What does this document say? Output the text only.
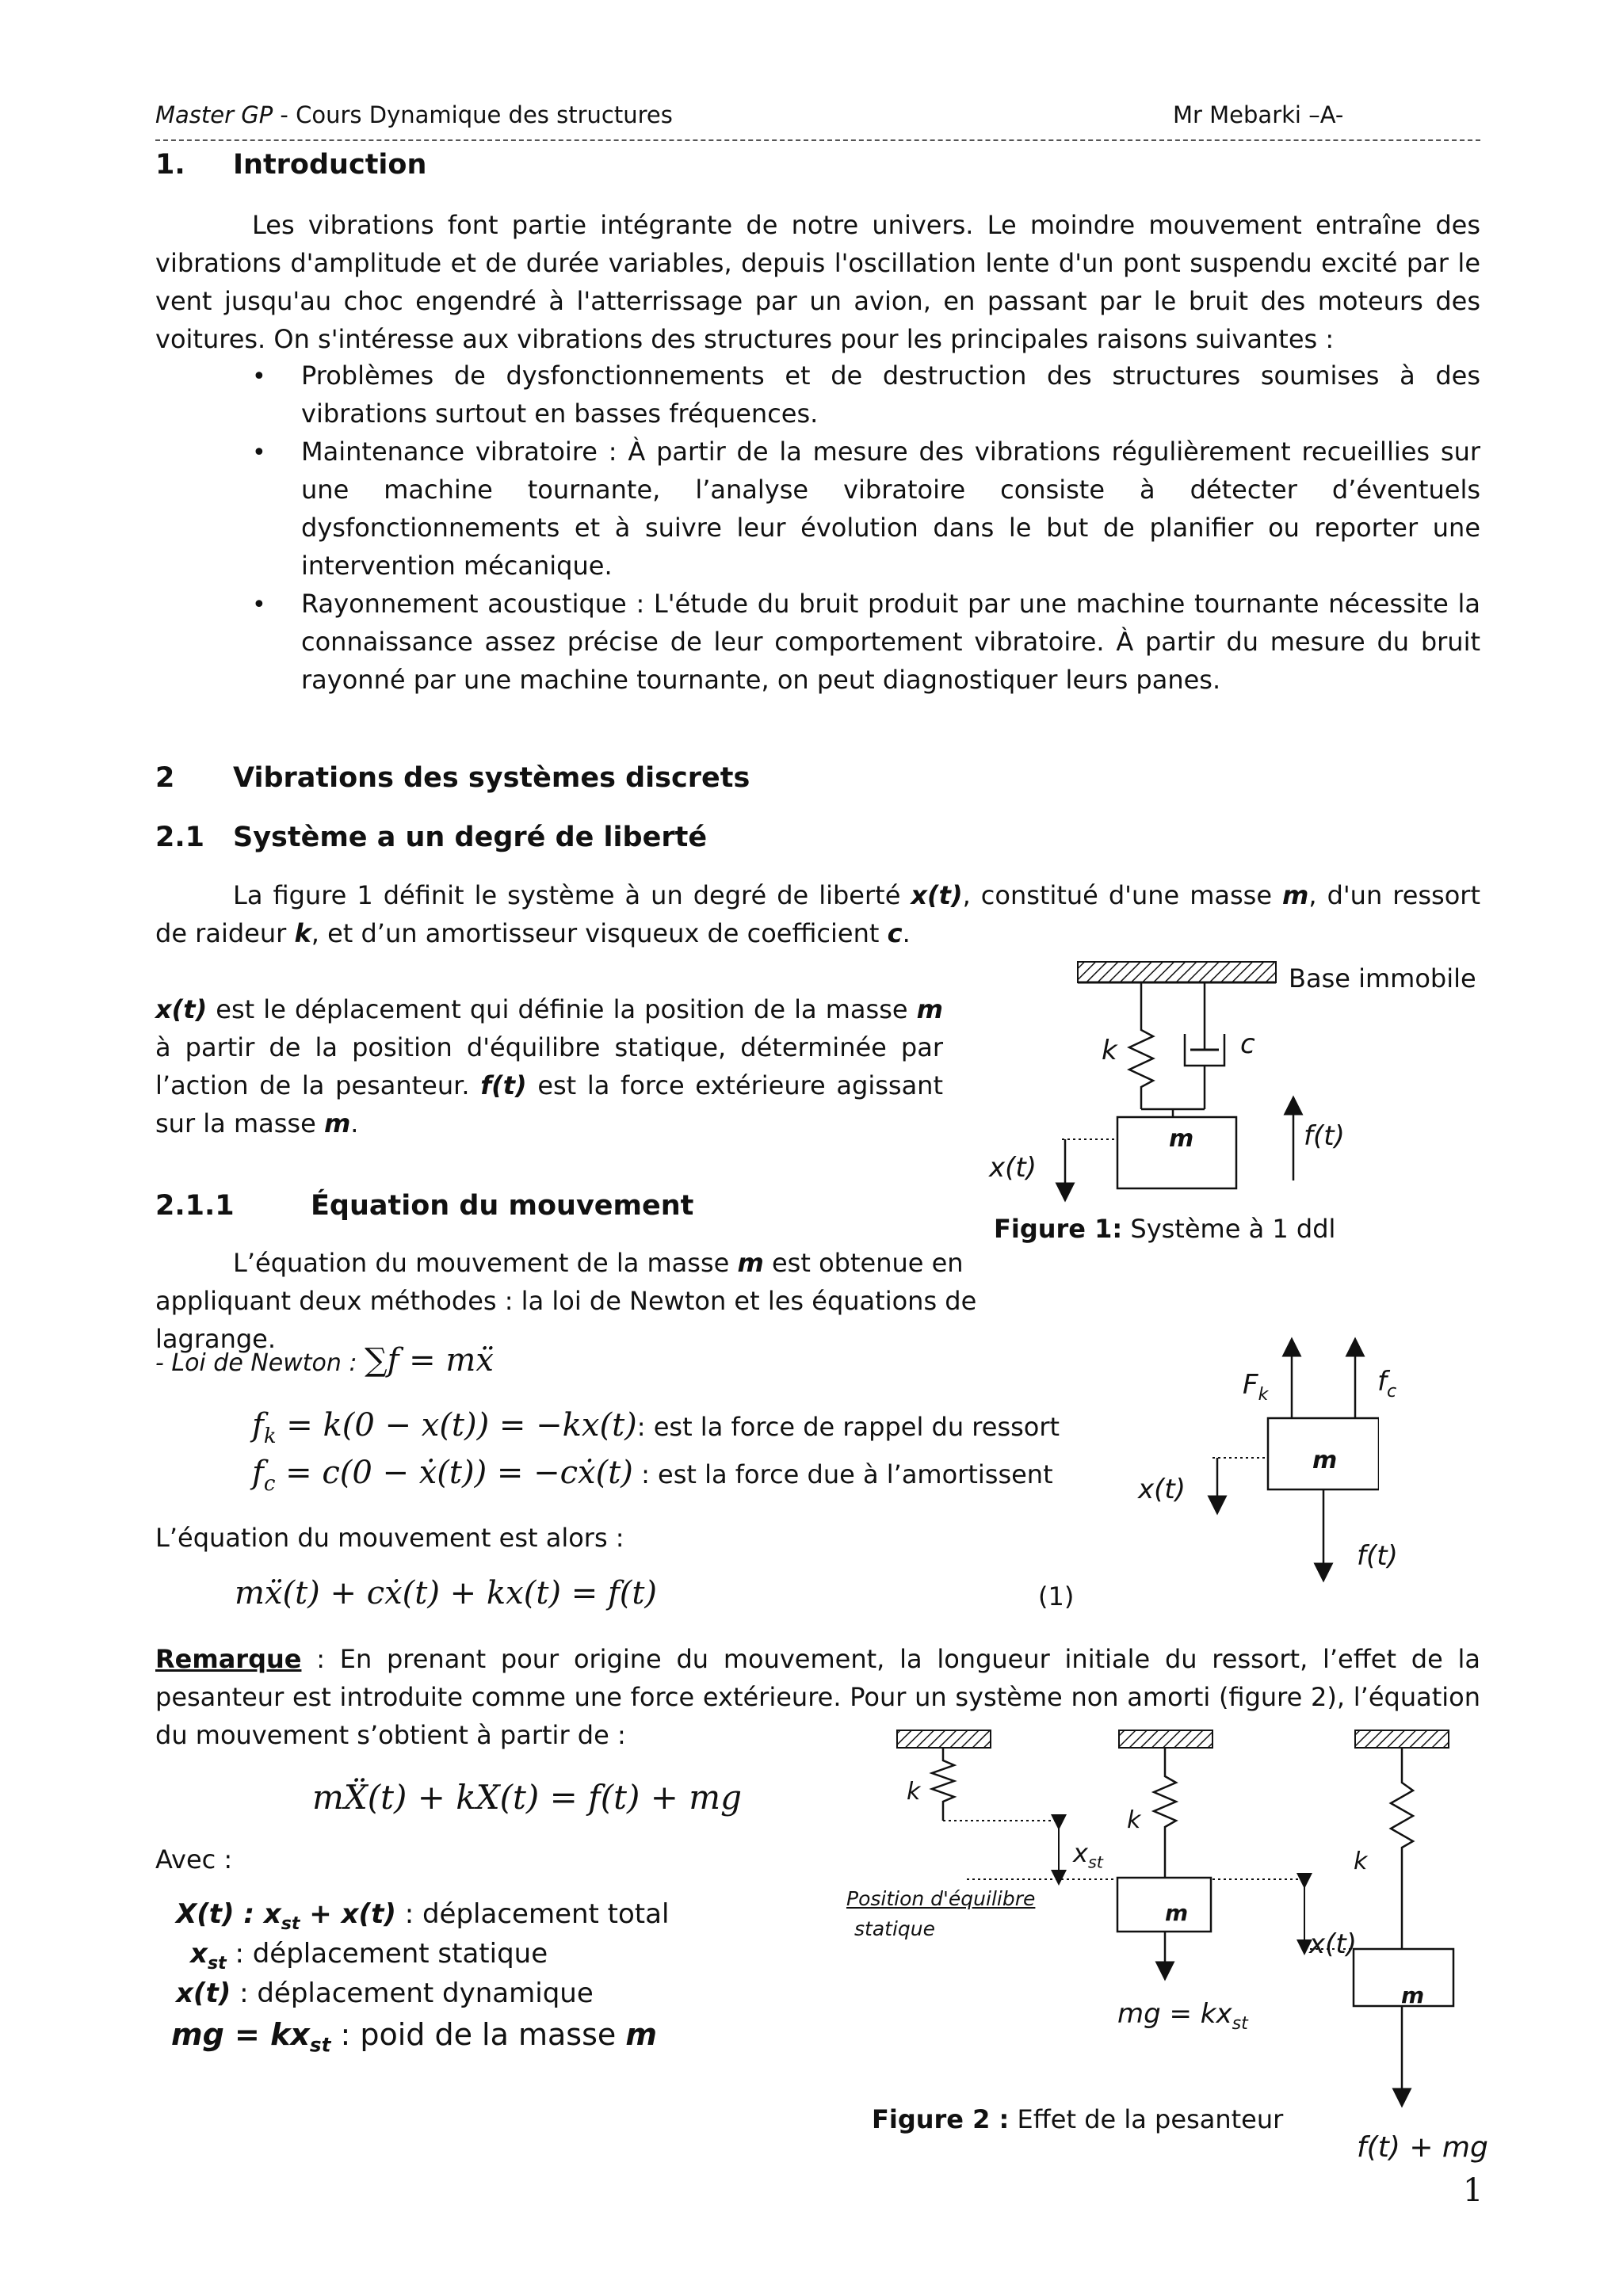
Master GP - Cours Dynamique des structures	Mr Mebarki –A-
1. Introduction
Les vibrations font partie intégrante de notre univers. Le moindre mouvement entraîne des vibrations d'amplitude et de durée variables, depuis l'oscillation lente d'un pont suspendu excité par le vent jusqu'au choc engendré à l'atterrissage par un avion, en passant par le bruit des moteurs des voitures. On s'intéresse aux vibrations des structures pour les principales raisons suivantes :
• Problèmes de dysfonctionnements et de destruction des structures soumises à des vibrations surtout en basses fréquences.
• Maintenance vibratoire : À partir de la mesure des vibrations régulièrement recueillies sur une machine tournante, l’analyse vibratoire consiste à détecter d’éventuels dysfonctionnements et à suivre leur évolution dans le but de planifier ou reporter une intervention mécanique.
• Rayonnement acoustique : L'étude du bruit produit par une machine tournante nécessite la connaissance assez précise de leur comportement vibratoire. À partir du mesure du bruit rayonné par une machine tournante, on peut diagnostiquer leurs panes.
2 Vibrations des systèmes discrets
2.1 Système a un degré de liberté
La figure 1 définit le système à un degré de liberté x(t), constitué d'une masse m, d'un ressort de raideur k, et d’un amortisseur visqueux de coefficient c.
x(t) est le déplacement qui définie la position de la masse m à partir de la position d'équilibre statique, déterminée par l’action de la pesanteur. f(t) est la force extérieure agissant sur la masse m.
Base immobile
k	c
m	f(t)
x(t)
Figure 1: Système à 1 ddl
2.1.1	Équation du mouvement
L’équation du mouvement de la masse m est obtenue en appliquant deux méthodes : la loi de Newton et les équations de lagrange.
- Loi de Newton : ∑f = mẍ
$f_k = k(0 - x(t)) = -kx(t)$: est la force de rappel du ressort
$f_c = c(0$ − ẋ(t)) = −cẋ(t) : est la force due à l’amortissent
L’équation du mouvement est alors :
mẍ(t) + cẋ(t) + kx(t) = f(t)	(1)
$F_k$	$f_c$
m
x(t)
f(t)
Remarque : En prenant pour origine du mouvement, la longueur initiale du ressort, l’effet de la pesanteur est introduite comme une force extérieure. Pour un système non amorti (figure 2), l’équation du mouvement s’obtient à partir de :
mẌ(t) + kX(t) = f(t) + mg
Avec :
X(t) : $x_{st} + x(t)$ : déplacement total
$x_{st}$ : déplacement statique
x(t) : déplacement dynamique
mg = $kx_{st}$ : poid de la masse m
k
k
k
$x_{st}$
Position d'équilibre
statique
m
m
mg = $kx_{st}$
x(t)
f(t) + mg
Figure 2 : Effet de la pesanteur
1
